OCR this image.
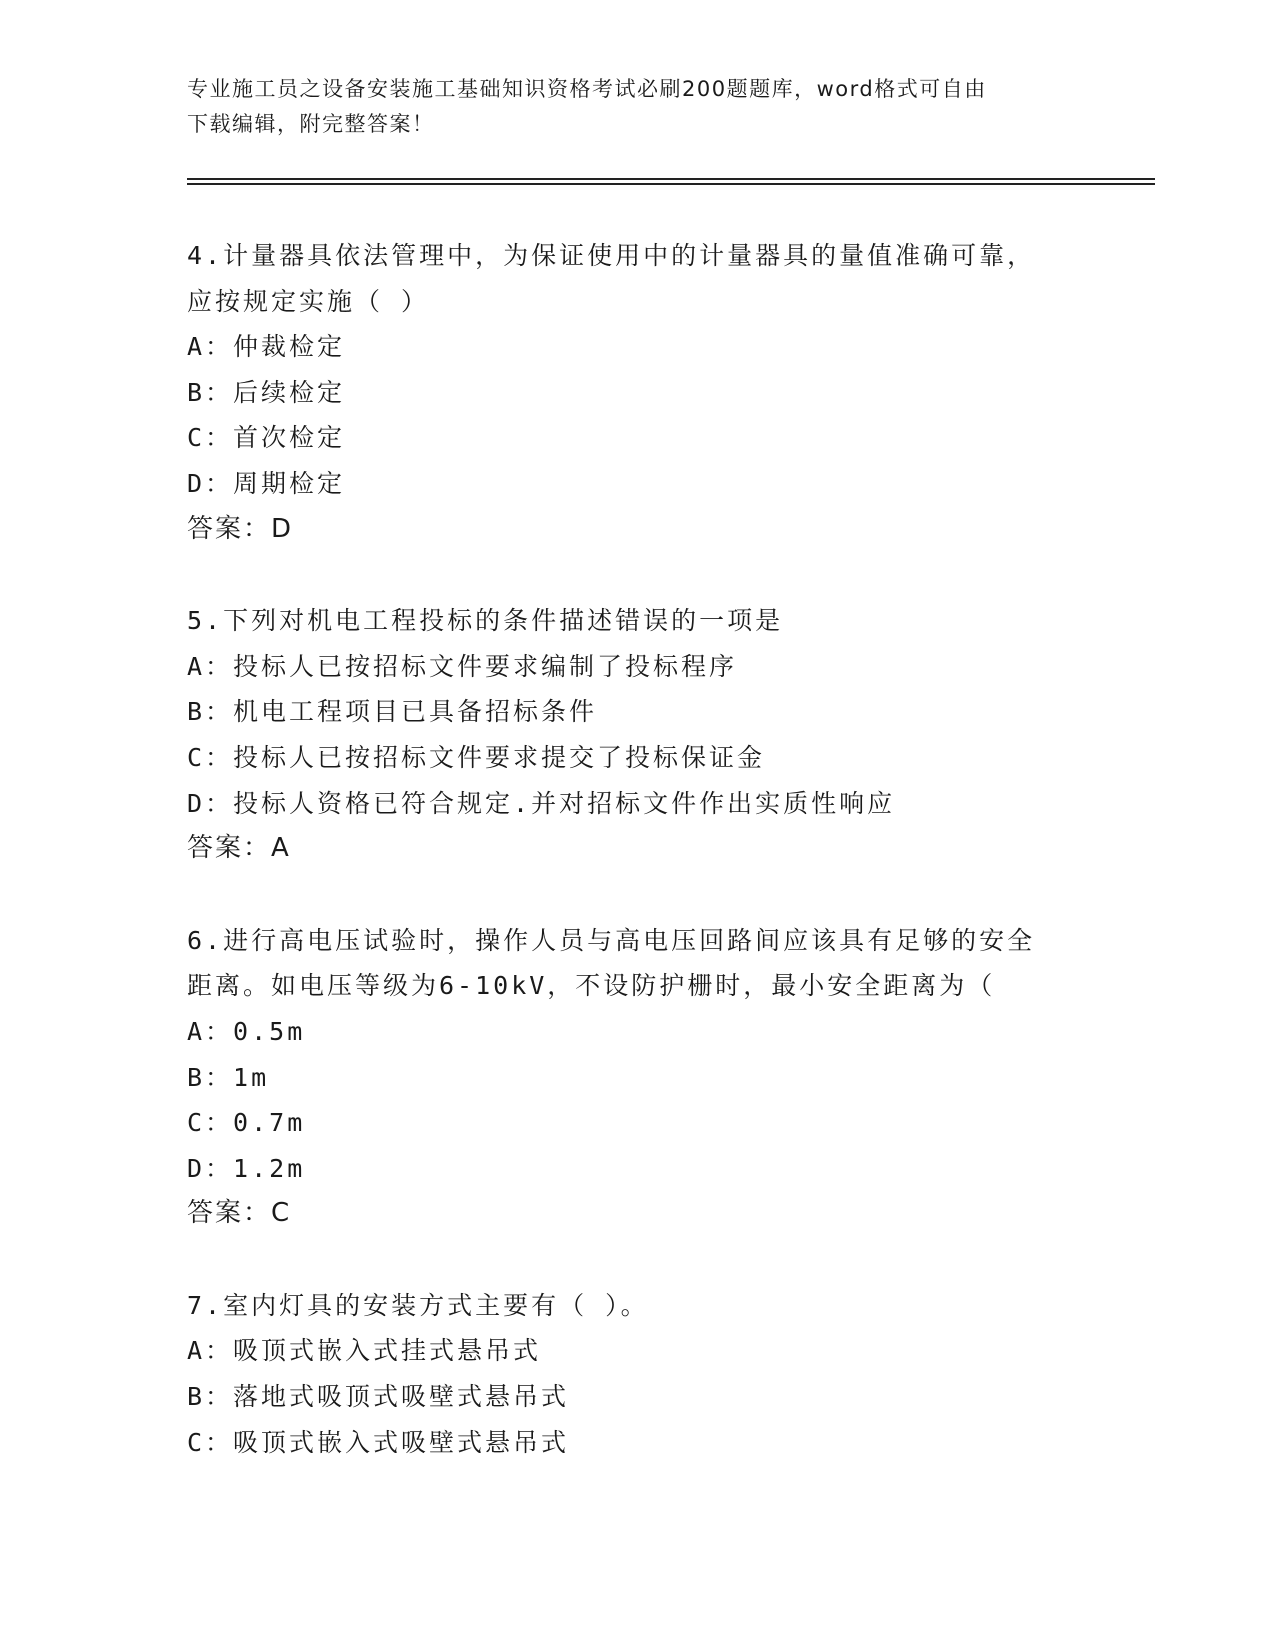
专业施工员之设备安装施工基础知识资格考试必刷200题题库，word格式可自由
下载编辑，附完整答案！
4.计量器具依法管理中，为保证使用中的计量器具的量值准确可靠，
应按规定实施（ ）
A：仲裁检定
B：后续检定
C：首次检定
D：周期检定
答案：D
5.下列对机电工程投标的条件描述错误的一项是
A：投标人已按招标文件要求编制了投标程序
B：机电工程项目已具备招标条件
C：投标人已按招标文件要求提交了投标保证金
D：投标人资格已符合规定.并对招标文件作出实质性响应
答案：A
6.进行高电压试验时，操作人员与高电压回路间应该具有足够的安全
距离。如电压等级为6-10kV，不设防护栅时，最小安全距离为（
A：0.5m
B：1m
C：0.7m
D：1.2m
答案：C
7.室内灯具的安装方式主要有（ ）。
A：吸顶式嵌入式挂式悬吊式
B：落地式吸顶式吸壁式悬吊式
C：吸顶式嵌入式吸壁式悬吊式
